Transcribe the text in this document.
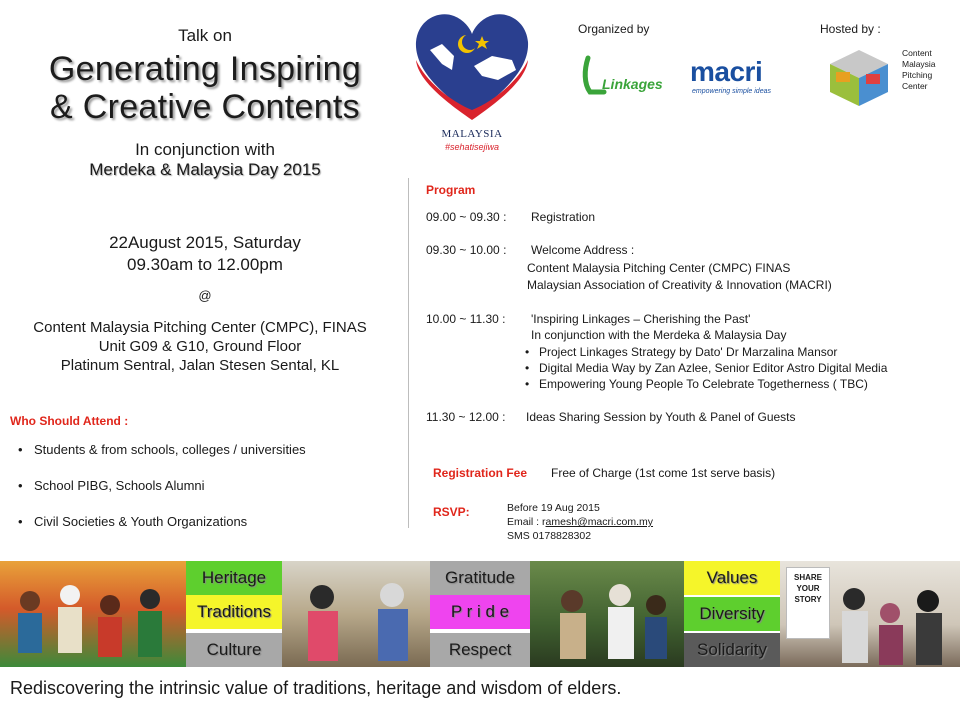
Talk on
Generating Inspiring
& Creative Contents
In conjunction with
Merdeka & Malaysia Day 2015
22August 2015, Saturday
09.30am to 12.00pm
@
Content Malaysia Pitching Center (CMPC), FINAS
Unit G09 & G10, Ground Floor
Platinum Sentral, Jalan Stesen Sental, KL
Who Should Attend :
• Students & from schools, colleges / universities
• School PIBG, Schools Alumni
• Civil Societies & Youth Organizations
MALAYSIA
#sehatisejiwa
Organized by	Hosted by :
Linkages macri
empowering simple ideas
Content
Malaysia
Pitching
Center
Program
09.00 ~ 09.30 : Registration
09.30 ~ 10.00 : Welcome Address :
Content Malaysia Pitching Center (CMPC) FINAS
Malaysian Association of Creativity & Innovation (MACRI)
10.00 ~ 11.30 : 'Inspiring Linkages – Cherishing the Past'
In conjunction with the Merdeka & Malaysia Day
• Project Linkages Strategy by Dato' Dr Marzalina Mansor
• Digital Media Way by Zan Azlee, Senior Editor Astro Digital Media
• Empowering Young People To Celebrate Togetherness ( TBC)
11.30 ~ 12.00 : Ideas Sharing Session by Youth & Panel of Guests
Registration Fee Free of Charge (1st come 1st serve basis)
RSVP:	Before 19 Aug 2015
Email : ramesh@macri.com.my
SMS 0178828302
Heritage
Traditions
Culture
Gratitude
P r i d e
Respect
Values
Diversity
Solidarity
SHARE
YOUR
STORY
Rediscovering the intrinsic value of traditions, heritage and wisdom of elders.
